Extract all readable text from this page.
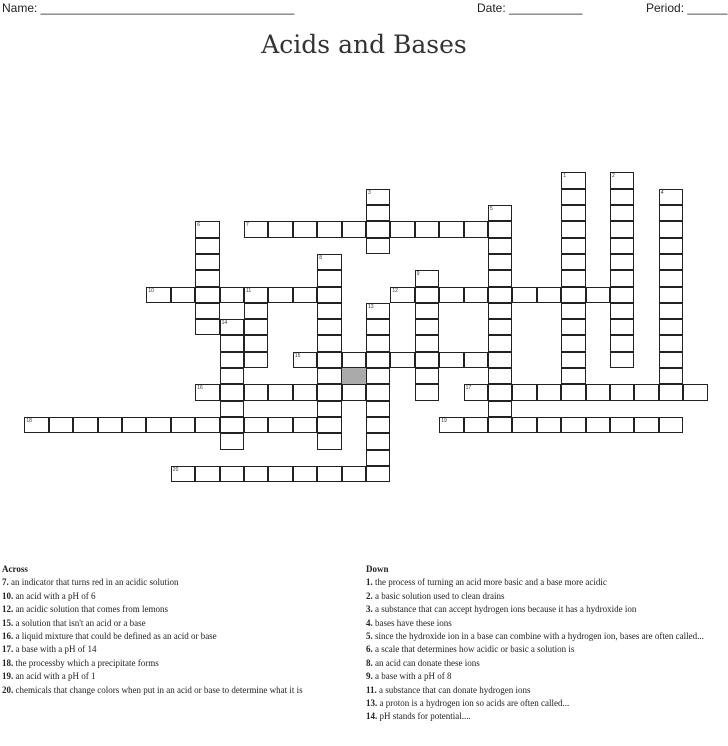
Name: ______________________________________	Date: ___________	Period: ______
Acids and Bases
1	2
3	4
5
6	7
8
9
10	11	12
13
14
15
16	17
18	19
20
Across
7. an indicator that turns red in an acidic solution
10. an acid with a pH of 6
12. an acidic solution that comes from lemons
15. a solution that isn't an acid or a base
16. a liquid mixture that could be defined as an acid or base
17. a base with a pH of 14
18. the processby which a precipitate forms
19. an acid with a pH of 1
20. chemicals that change colors when put in an acid or base to determine what it is
Down
1. the process of turning an acid more basic and a base more acidic
2. a basic solution used to clean drains
3. a substance that can accept hydrogen ions because it has a hydroxide ion
4. bases have these ions
5. since the hydroxide ion in a base can combine with a hydrogen ion, bases are often called...
6. a scale that determines how acidic or basic a solution is
8. an acid can donate these ions
9. a base with a pH of 8
11. a substance that can donate hydrogen ions
13. a proton is a hydrogen ion so acids are often called...
14. pH stands for potential....
